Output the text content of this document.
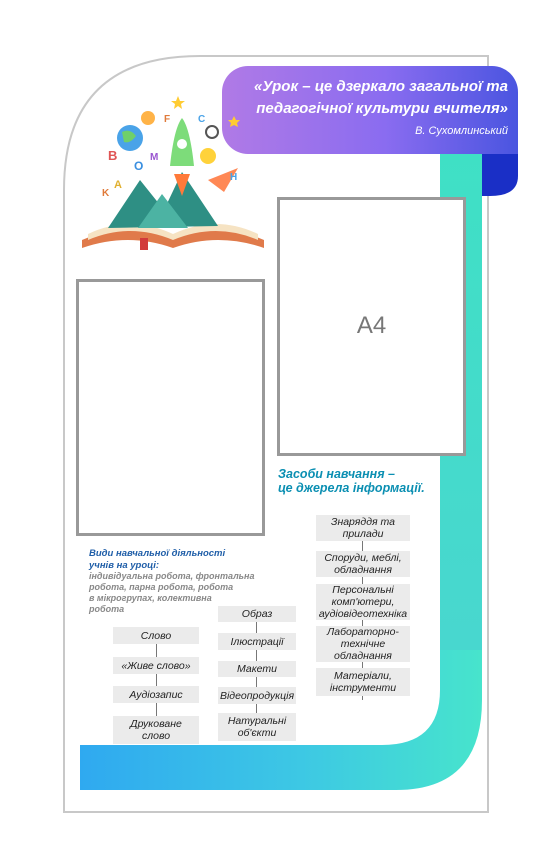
«Урок – це дзеркало загальної та
педагогічної культури вчителя»
В. Сухомлинський
B
F	C
O
A
M
K
H
А4
Засоби навчання –
це джерела інформації.
Знаряддя та
прилади
Споруди, меблі,
обладнання
Персональні
комп'ютери,
аудіовідеотехніка
Лабораторно-
технічне
обладнання
Матеріали,
інструменти
Види навчальної діяльності
учнів на уроці:
індивідуальна робота, фронтальна
робота, парна робота, робота
в мікрогрупах, колективна
робота
Слово
«Живе слово»
Аудіозапис
Друковане
слово
Образ
Ілюстрації
Макети
Відеопродукція
Натуральні
об'єкти
